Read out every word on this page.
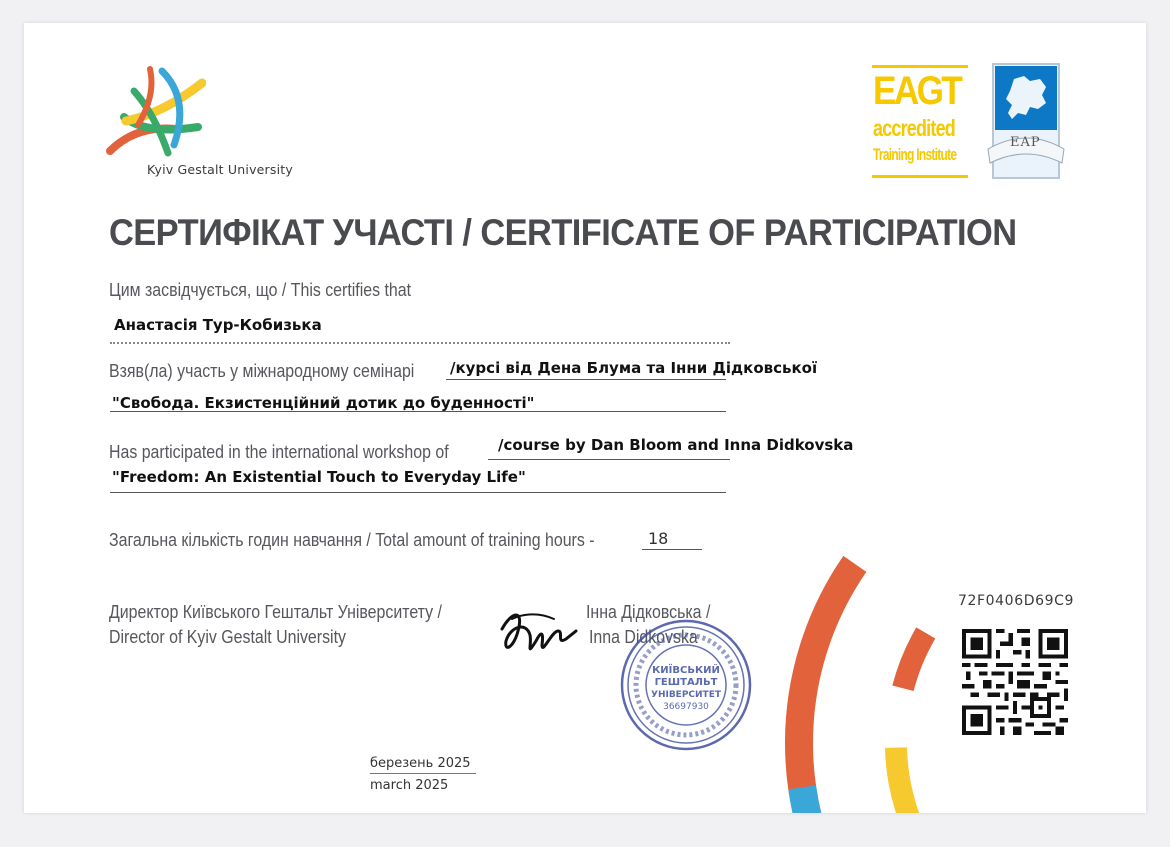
Kyiv Gestalt University
EAGT
accredited
Training Institute
EAP
СЕРТИФІКАТ УЧАСТІ / CERTIFICATE OF PARTICIPATION
Цим засвідчується, що / This certifies that
Анастасія Тур-Кобизька
Взяв(ла) участь у міжнародному семінарі /курсі від Дена Блума та Інни Дідковської
"Свобода. Екзистенційний дотик до буденності"
Has participated in the international workshop of	/course by Dan Bloom and Inna Didkovska
"Freedom: An Existential Touch to Everyday Life"
Загальна кількість годин навчання / Total amount of training hours -	18
Директор Київського Гештальт Університету /
Director of Kyiv Gestalt University
Інна Дідковська /
Inna Didkovska
КИЇВСЬКИЙ
ГЕШТАЛЬТ
УНІВЕРСИТЕТ
36697930
березень 2025
march 2025
72F0406D69C9
